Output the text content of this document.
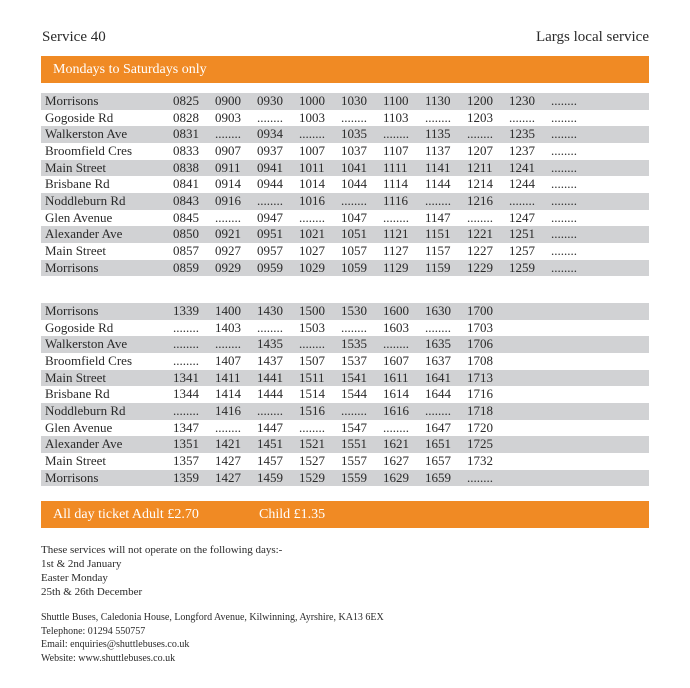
Service 40	Largs local service
Mondays to Saturdays only
Morrisons	0825	0900	0930	1000	1030	1100	1130	1200	1230	........	
Gogoside Rd	0828	0903	........	1003	........	1103	........	1203	........	........	
Walkerston Ave	0831	........	0934	........	1035	........	1135	........	1235	........	
Broomfield Cres	0833	0907	0937	1007	1037	1107	1137	1207	1237	........	
Main Street	0838	0911	0941	1011	1041	1111	1141	1211	1241	........	
Brisbane Rd	0841	0914	0944	1014	1044	1114	1144	1214	1244	........	
Noddleburn Rd	0843	0916	........	1016	........	1116	........	1216	........	........	
Glen Avenue	0845	........	0947	........	1047	........	1147	........	1247	........	
Alexander Ave	0850	0921	0951	1021	1051	1121	1151	1221	1251	........	
Main Street	0857	0927	0957	1027	1057	1127	1157	1227	1257	........	
Morrisons	0859	0929	0959	1029	1059	1129	1159	1229	1259	........	
Morrisons	1339	1400	1430	1500	1530	1600	1630	1700			
Gogoside Rd	........	1403	........	1503	........	1603	........	1703			
Walkerston Ave	........	........	1435	........	1535	........	1635	1706			
Broomfield Cres	........	1407	1437	1507	1537	1607	1637	1708			
Main Street	1341	1411	1441	1511	1541	1611	1641	1713			
Brisbane Rd	1344	1414	1444	1514	1544	1614	1644	1716			
Noddleburn Rd	........	1416	........	1516	........	1616	........	1718			
Glen Avenue	1347	........	1447	........	1547	........	1647	1720			
Alexander Ave	1351	1421	1451	1521	1551	1621	1651	1725			
Main Street	1357	1427	1457	1527	1557	1627	1657	1732			
Morrisons	1359	1427	1459	1529	1559	1629	1659	........			
All day ticket Adult £2.70	Child £1.35
These services will not operate on the following days:-
1st & 2nd January
Easter Monday
25th & 26th December
Shuttle Buses, Caledonia House, Longford Avenue, Kilwinning, Ayrshire, KA13 6EX
Telephone: 01294 550757
Email: enquiries@shuttlebuses.co.uk
Website: www.shuttlebuses.co.uk
